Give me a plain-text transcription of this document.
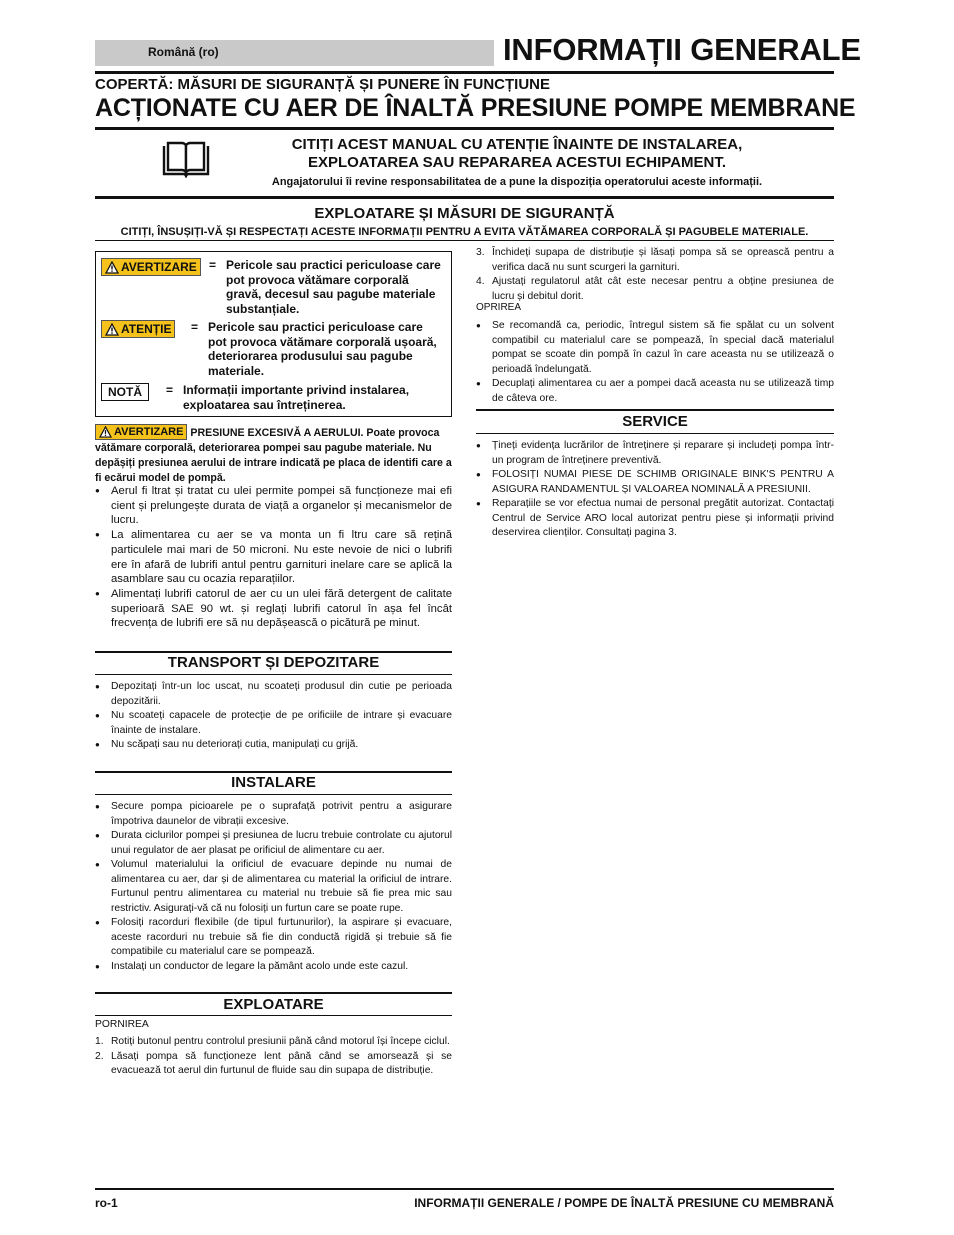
Română (ro)	INFORMAȚII GENERALE
COPERTĂ: MĂSURI DE SIGURANȚĂ ȘI PUNERE ÎN FUNCȚIUNE
ACȚIONATE CU AER DE ÎNALTĂ PRESIUNE POMPE MEMBRANE
CITIȚI ACEST MANUAL CU ATENȚIE ÎNAINTE DE INSTALAREA,
EXPLOATAREA SAU REPARAREA ACESTUI ECHIPAMENT.
Angajatorului îi revine responsabilitatea de a pune la dispoziția operatorului aceste informații.
EXPLOATARE ȘI MĂSURI DE SIGURANȚĂ
CITIȚI, ÎNSUȘIȚI-VĂ ȘI RESPECTAȚI ACESTE INFORMAȚII PENTRU A EVITA VĂTĂMAREA CORPORALĂ ȘI PAGUBELE MATERIALE.
AVERTIZARE = Pericole sau practici periculoase care pot provoca vătămare corporală gravă, decesul sau pagube materiale substanțiale.
ATENȚIE = Pericole sau practici periculoase care pot provoca vătămare corporală ușoară, deteriorarea produsului sau pagube materiale.
NOTĂ	= Informații importante privind instalarea, exploatarea sau întreținerea.
AVERTIZARE PRESIUNE EXCESIVĂ A AERULUI. Poate provoca vătămare corporală, deteriorarea pompei sau pagube materiale. Nu depășiți presiunea aerului de intrare indicată pe placa de identifi care a fi ecărui model de pompă.
● Aerul fi ltrat și tratat cu ulei permite pompei să funcționeze mai efi cient și prelungește durata de viață a organelor și mecanismelor de lucru.
● La alimentarea cu aer se va monta un fi ltru care să rețină particulele mai mari de 50 microni. Nu este nevoie de nici o lubrifi ere în afară de lubrifi antul pentru garnituri inelare care se aplică la asamblare sau cu ocazia reparațiilor.
● Alimentați lubrifi catorul de aer cu un ulei fără detergent de calitate superioară SAE 90 wt. și reglați lubrifi catorul în așa fel încât frecvența de lubrifi ere să nu depășească o picătură pe minut.
TRANSPORT ȘI DEPOZITARE
● Depozitați într-un loc uscat, nu scoateți produsul din cutie pe perioada depozitării.
● Nu scoateți capacele de protecție de pe orificiile de intrare și evacuare înainte de instalare.
● Nu scăpați sau nu deteriorați cutia, manipulați cu grijă.
INSTALARE
● Secure pompa picioarele pe o suprafață potrivit pentru a asigurare împotriva daunelor de vibrații excesive.
● Durata ciclurilor pompei și presiunea de lucru trebuie controlate cu ajutorul unui regulator de aer plasat pe orificiul de alimentare cu aer.
● Volumul materialului la orificiul de evacuare depinde nu numai de alimentarea cu aer, dar și de alimentarea cu material la orificiul de intrare. Furtunul pentru alimentarea cu material nu trebuie să fie prea mic sau restrictiv. Asigurați-vă că nu folosiți un furtun care se poate rupe.
● Folosiți racorduri flexibile (de tipul furtunurilor), la aspirare și evacuare, aceste racorduri nu trebuie să fie din conductă rigidă și trebuie să fie compatibile cu materialul care se pompează.
● Instalați un conductor de legare la pământ acolo unde este cazul.
EXPLOATARE
PORNIREA
1. Rotiți butonul pentru controlul presiunii până când motorul își începe ciclul.
2. Lăsați pompa să funcționeze lent până când se amorsează și se evacuează tot aerul din furtunul de fluide sau din supapa de distribuție.
3. Închideți supapa de distribuție și lăsați pompa să se oprească pentru a verifica dacă nu sunt scurgeri la garnituri.
4. Ajustați regulatorul atât cât este necesar pentru a obține presiunea de lucru și debitul dorit.
OPRIREA
● Se recomandă ca, periodic, întregul sistem să fie spălat cu un solvent compatibil cu materialul care se pompează, în special dacă materialul pompat se scoate din pompă în cazul în care aceasta nu se utilizează o perioadă îndelungată.
● Decuplați alimentarea cu aer a pompei dacă aceasta nu se utilizează timp de câteva ore.
SERVICE
● Țineți evidența lucrărilor de întreținere și reparare și includeți pompa într-un program de întreținere preventivă.
● FOLOSIȚI NUMAI PIESE DE SCHIMB ORIGINALE BINK'S PENTRU A ASIGURA RANDAMENTUL ȘI VALOAREA NOMINALĂ A PRESIUNII.
● Reparațiile se vor efectua numai de personal pregătit autorizat. Contactați Centrul de Service ARO local autorizat pentru piese și informații privind deservirea clienților. Consultați pagina 3.
ro-1	INFORMAȚII GENERALE / POMPE DE ÎNALTĂ PRESIUNE CU MEMBRANĂ
